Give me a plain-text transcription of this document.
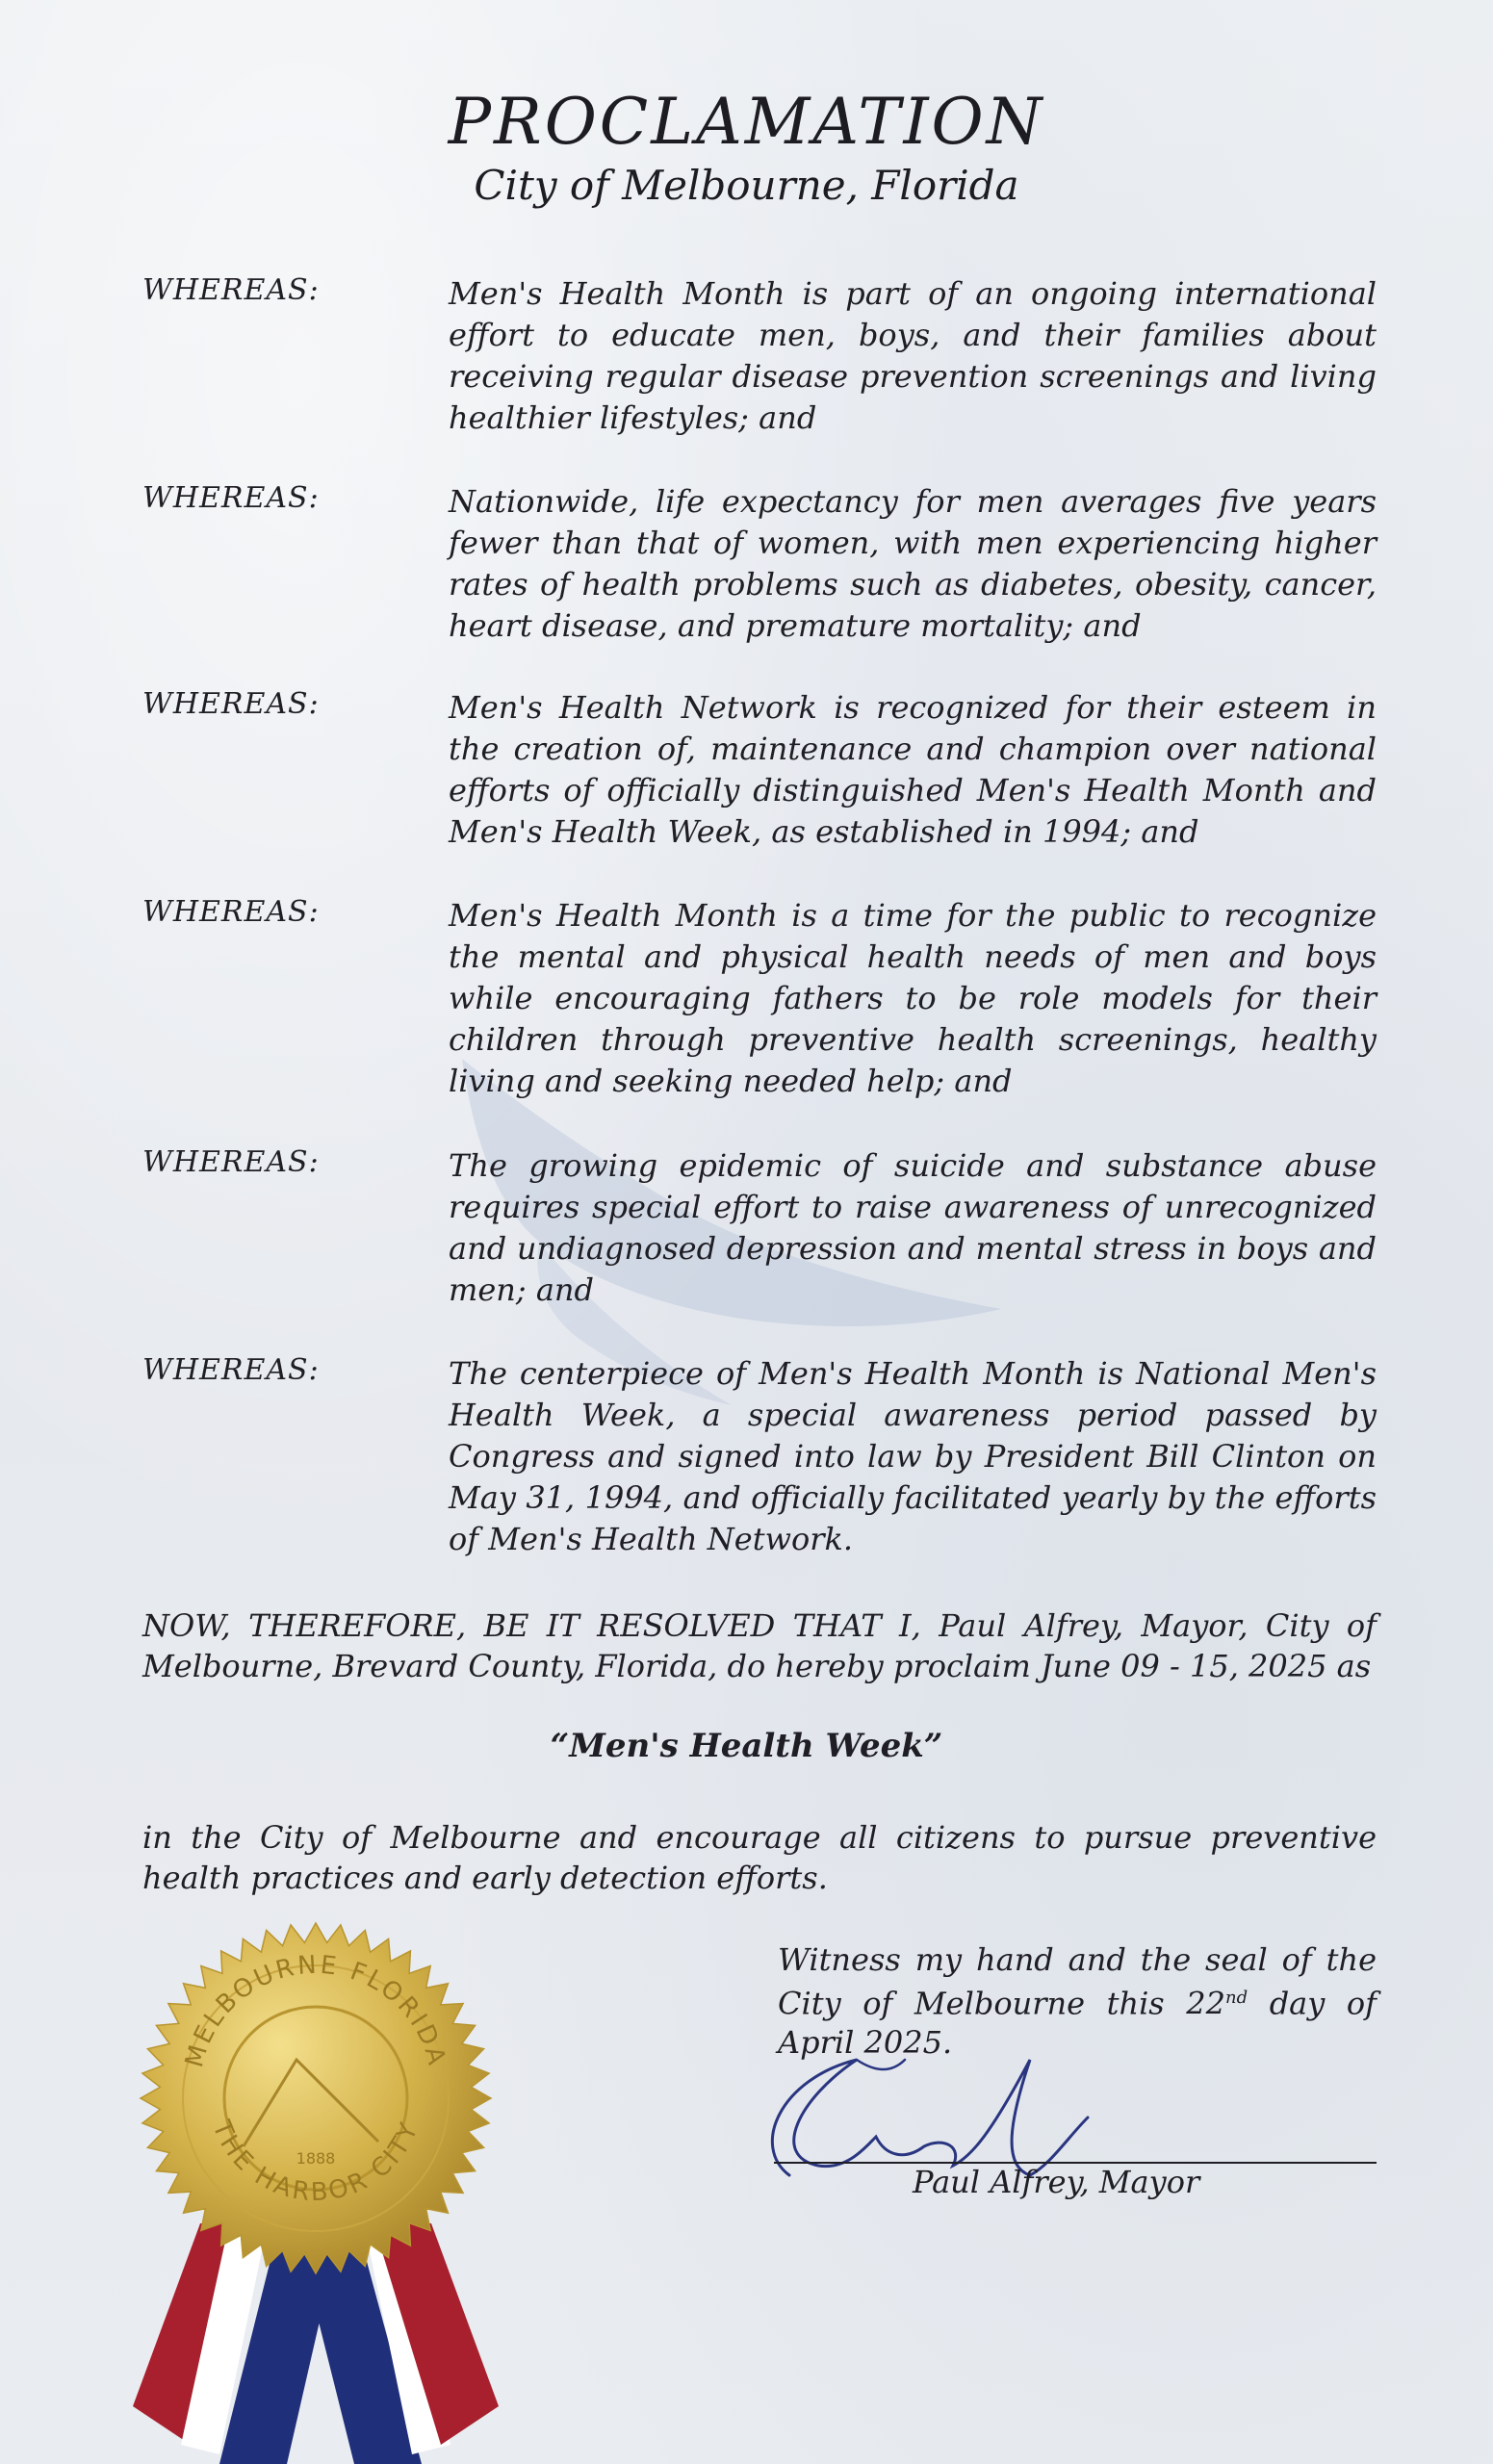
PROCLAMATION
City of Melbourne, Florida
WHEREAS:	Men's Health Month is part of an ongoing international effort to educate men, boys, and their families about receiving regular disease prevention screenings and living healthier lifestyles; and
WHEREAS:	Nationwide, life expectancy for men averages five years fewer than that of women, with men experiencing higher rates of health problems such as diabetes, obesity, cancer, heart disease, and premature mortality; and
WHEREAS:	Men's Health Network is recognized for their esteem in the creation of, maintenance and champion over national efforts of officially distinguished Men's Health Month and Men's Health Week, as established in 1994; and
WHEREAS:	Men's Health Month is a time for the public to recognize the mental and physical health needs of men and boys while encouraging fathers to be role models for their children through preventive health screenings, healthy living and seeking needed help; and
WHEREAS:	The growing epidemic of suicide and substance abuse requires special effort to raise awareness of unrecognized and undiagnosed depression and mental stress in boys and men; and
WHEREAS:	The centerpiece of Men's Health Month is National Men's Health Week, a special awareness period passed by Congress and signed into law by President Bill Clinton on May 31, 1994, and officially facilitated yearly by the efforts of Men's Health Network.
NOW, THEREFORE, BE IT RESOLVED THAT I, Paul Alfrey, Mayor, City of Melbourne, Brevard County, Florida, do hereby proclaim June 09 - 15, 2025 as
“Men's Health Week”
in the City of Melbourne and encourage all citizens to pursue preventive health practices and early detection efforts.
Witness my hand and the seal of the City of Melbourne this 22nd day of April 2025.
Paul Alfrey, Mayor
MELBOURNE FLORIDA
THE HARBOR CITY
1888
